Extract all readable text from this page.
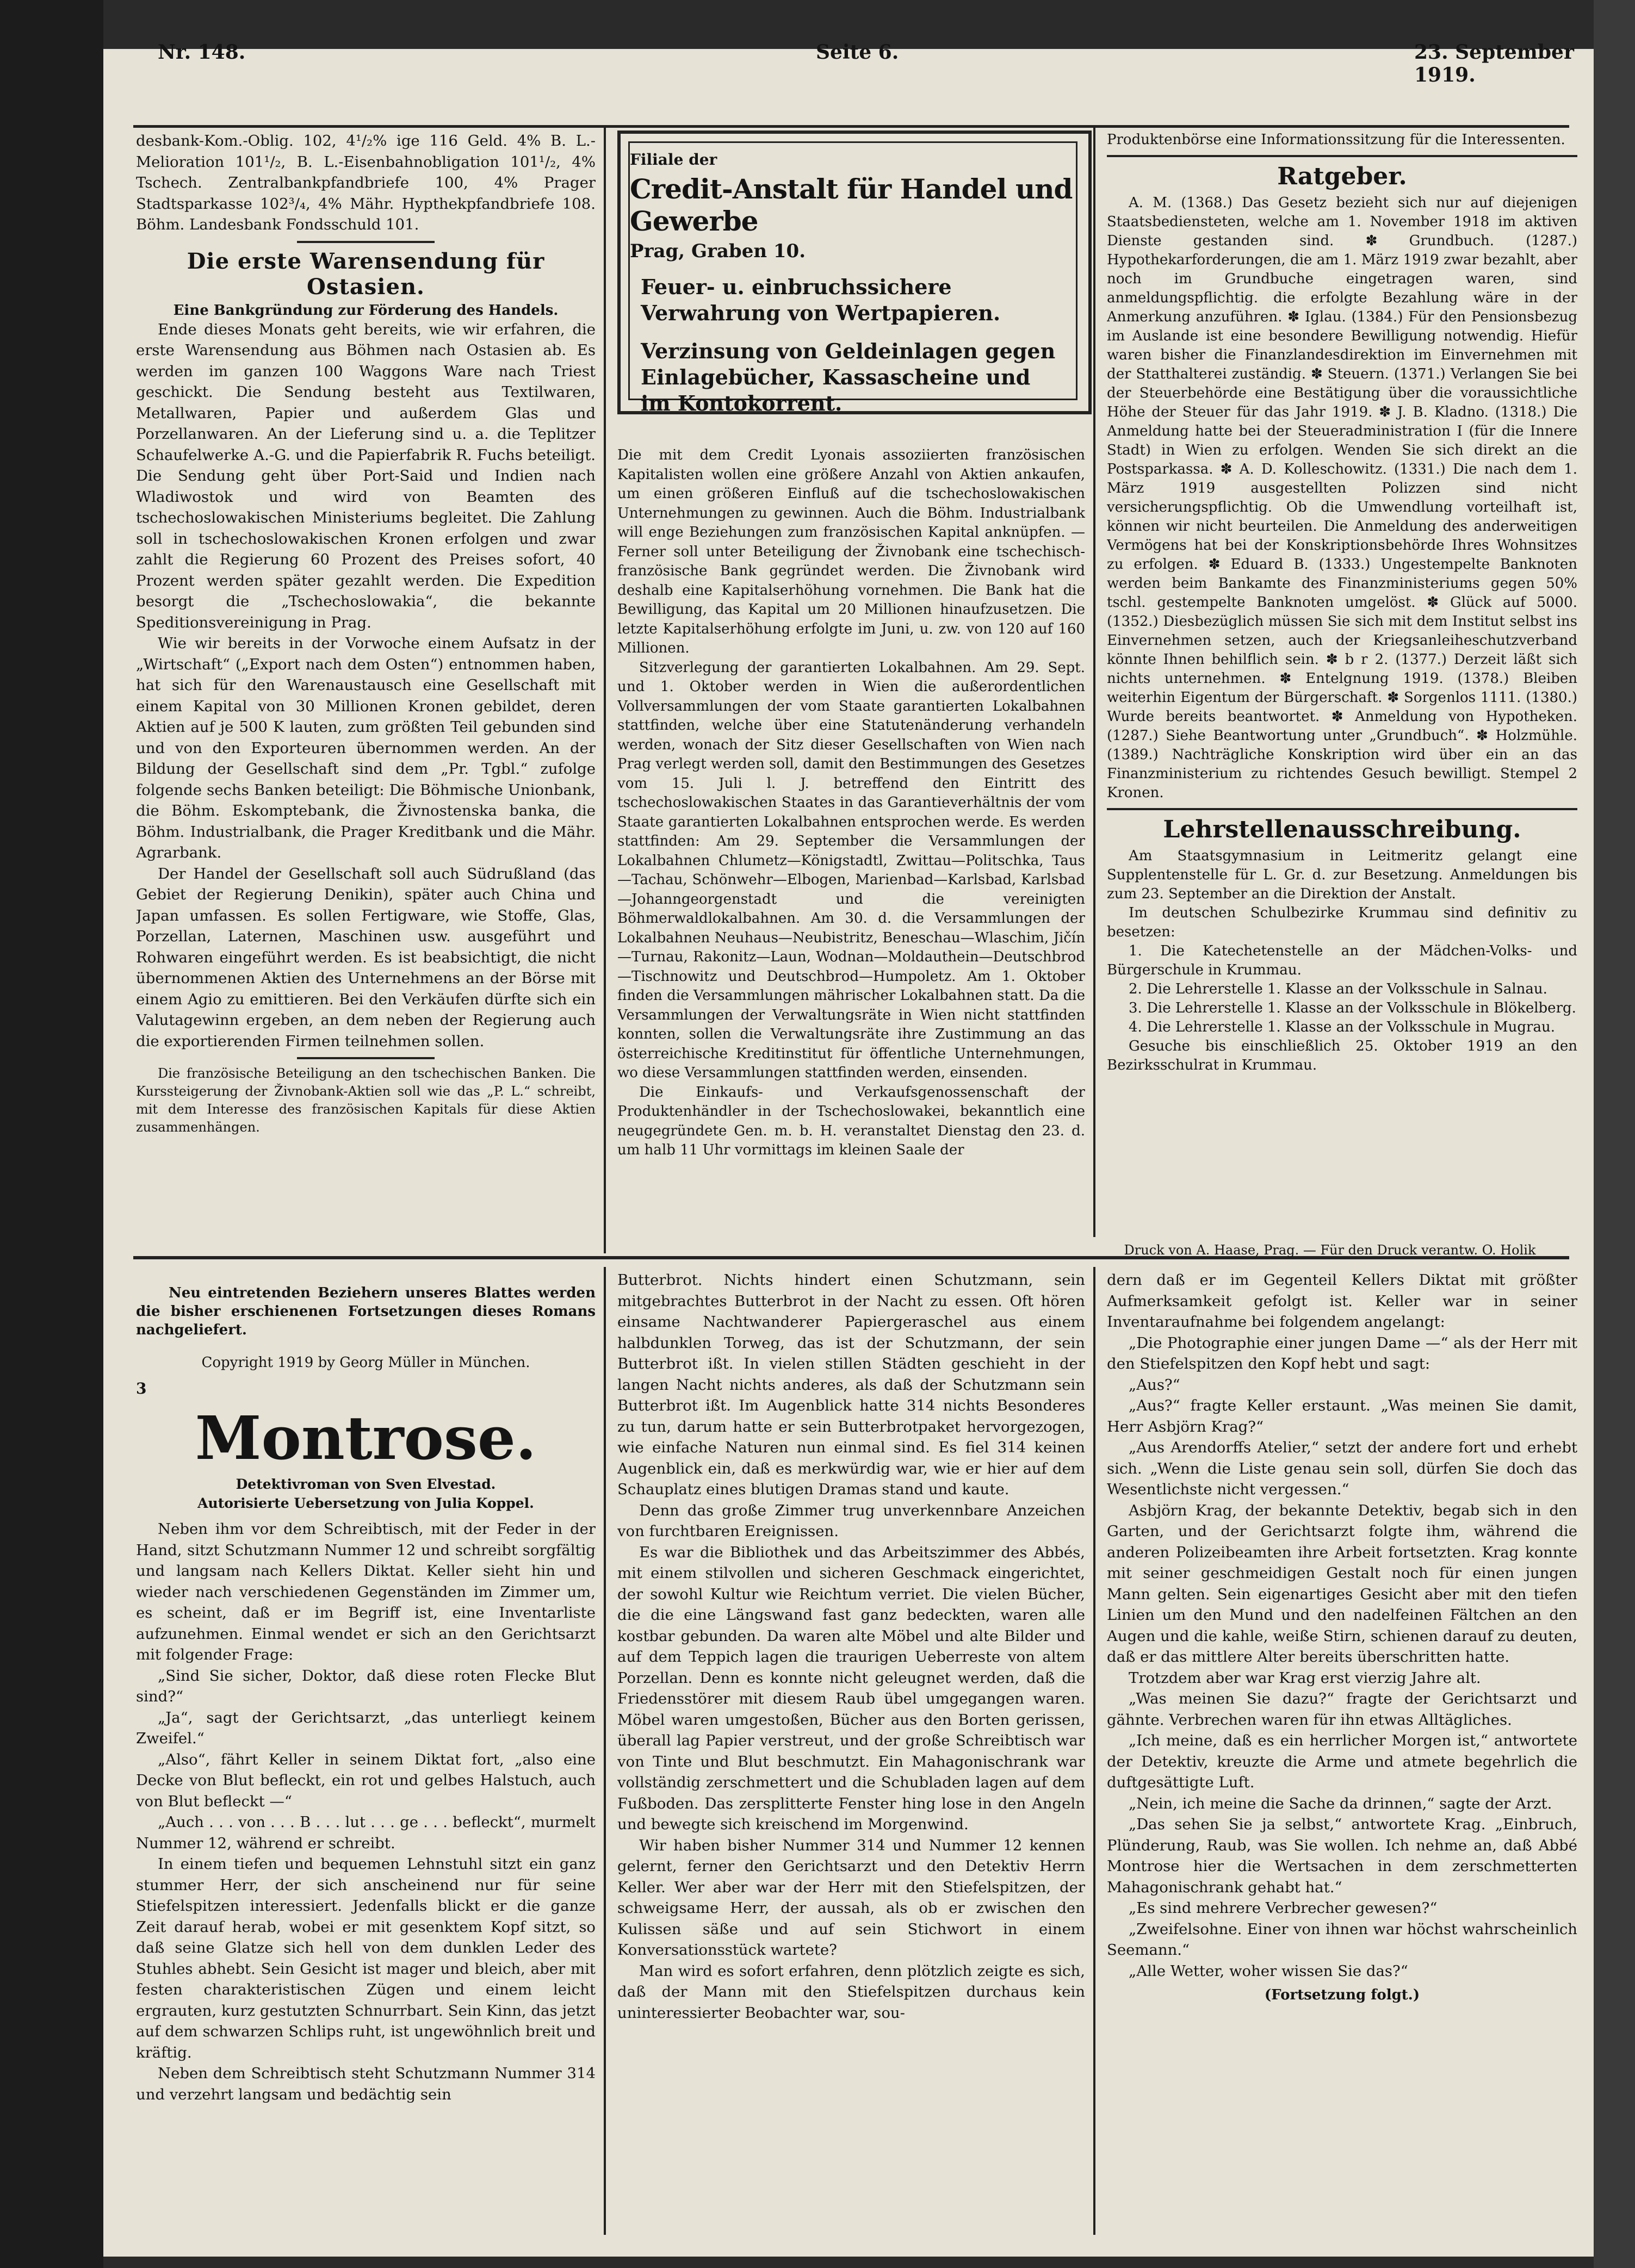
Nr. 148.	Seite 6.	23. September 1919.

desbank-Kom.-Oblig. 102, 4¹/₂% ige 116 Geld. 4% B. L.-Melioration 101¹/₂, B. L.-Eisenbahnobligation 101¹/₂, 4% Tschech. Zentralbankpfandbriefe 100, 4% Prager Stadtsparkasse 102³/₄, 4% Mähr. Hypthekpfandbriefe 108. Böhm. Landesbank Fondsschuld 101.

Die erste Warensendung für Ostasien.
Eine Bankgründung zur Förderung des Handels.

Ende dieses Monats geht bereits, wie wir erfahren, die erste Warensendung aus Böhmen nach Ostasien ab. Es werden im ganzen 100 Waggons Ware nach Triest geschickt. Die Sendung besteht aus Textilwaren, Metallwaren, Papier und außerdem Glas und Porzellanwaren. An der Lieferung sind u. a. die Teplitzer Schaufelwerke A.-G. und die Papierfabrik R. Fuchs beteiligt. Die Sendung geht über Port-Said und Indien nach Wladiwostok und wird von Beamten des tschechoslowakischen Ministeriums begleitet. Die Zahlung soll in tschechoslowakischen Kronen erfolgen und zwar zahlt die Regierung 60 Prozent des Preises sofort, 40 Prozent werden später gezahlt werden. Die Expedition besorgt die „Tschechoslowakia“, die bekannte Speditionsvereinigung in Prag.

Wie wir bereits in der Vorwoche einem Aufsatz in der „Wirtschaft“ („Export nach dem Osten“) entnommen haben, hat sich für den Warenaustausch eine Gesellschaft mit einem Kapital von 30 Millionen Kronen gebildet, deren Aktien auf je 500 K lauten, zum größten Teil gebunden sind und von den Exporteuren übernommen werden. An der Bildung der Gesellschaft sind dem „Pr. Tgbl.“ zufolge folgende sechs Banken beteiligt: Die Böhmische Unionbank, die Böhm. Eskomptebank, die Živnostenska banka, die Böhm. Industrialbank, die Prager Kreditbank und die Mähr. Agrarbank.

Der Handel der Gesellschaft soll auch Südrußland (das Gebiet der Regierung Denikin), später auch China und Japan umfassen. Es sollen Fertigware, wie Stoffe, Glas, Porzellan, Laternen, Maschinen usw. ausgeführt und Rohwaren eingeführt werden. Es ist beabsichtigt, die nicht übernommenen Aktien des Unternehmens an der Börse mit einem Agio zu emittieren. Bei den Verkäufen dürfte sich ein Valutagewinn ergeben, an dem neben der Regierung auch die exportierenden Firmen teilnehmen sollen.

Die französische Beteiligung an den tschechischen Banken. Die Kurssteigerung der Živnobank-Aktien soll wie das „P. L.“ schreibt, mit dem Interesse des französischen Kapitals für diese Aktien zusammenhängen.

Filiale der
Credit-Anstalt für Handel und Gewerbe
Prag, Graben 10.
Feuer- u. einbruchssichere Verwahrung von Wertpapieren.
Verzinsung von Geldeinlagen gegen Einlagebücher, Kassascheine und im Kontokorrent.

Die mit dem Credit Lyonais assoziierten französischen Kapitalisten wollen eine größere Anzahl von Aktien ankaufen, um einen größeren Einfluß auf die tschechoslowakischen Unternehmungen zu gewinnen. Auch die Böhm. Industrialbank will enge Beziehungen zum französischen Kapital anknüpfen. — Ferner soll unter Beteiligung der Živnobank eine tschechisch-französische Bank gegründet werden. Die Živnobank wird deshalb eine Kapitalserhöhung vornehmen. Die Bank hat die Bewilligung, das Kapital um 20 Millionen hinaufzusetzen. Die letzte Kapitalserhöhung erfolgte im Juni, u. zw. von 120 auf 160 Millionen.

Sitzverlegung der garantierten Lokalbahnen. Am 29. Sept. und 1. Oktober werden in Wien die außerordentlichen Vollversammlungen der vom Staate garantierten Lokalbahnen stattfinden, welche über eine Statutenänderung verhandeln werden, wonach der Sitz dieser Gesellschaften von Wien nach Prag verlegt werden soll, damit den Bestimmungen des Gesetzes vom 15. Juli l. J. betreffend den Eintritt des tschechoslowakischen Staates in das Garantieverhältnis der vom Staate garantierten Lokalbahnen entsprochen werde. Es werden stattfinden: Am 29. September die Versammlungen der Lokalbahnen Chlumetz—Königstadtl, Zwittau—Politschka, Taus—Tachau, Schönwehr—Elbogen, Marienbad—Karlsbad, Karlsbad—Johanngeorgenstadt und die vereinigten Böhmerwaldlokalbahnen. Am 30. d. die Versammlungen der Lokalbahnen Neuhaus—Neubistritz, Beneschau—Wlaschim, Jičín—Turnau, Rakonitz—Laun, Wodnan—Moldauthein—Deutschbrod—Tischnowitz und Deutschbrod—Humpoletz. Am 1. Oktober finden die Versammlungen mährischer Lokalbahnen statt. Da die Versammlungen der Verwaltungsräte in Wien nicht stattfinden konnten, sollen die Verwaltungsräte ihre Zustimmung an das österreichische Kreditinstitut für öffentliche Unternehmungen, wo diese Versammlungen stattfinden werden, einsenden.

Die Einkaufs- und Verkaufsgenossenschaft der Produktenhändler in der Tschechoslowakei, bekanntlich eine neugegründete Gen. m. b. H. veranstaltet Dienstag den 23. d. um halb 11 Uhr vormittags im kleinen Saale der

Produktenbörse eine Informationssitzung für die Interessenten.

Ratgeber.

A. M. (1368.) Das Gesetz bezieht sich nur auf diejenigen Staatsbediensteten, welche am 1. November 1918 im aktiven Dienste gestanden sind. ✽ Grundbuch. (1287.) Hypothekarforderungen, die am 1. März 1919 zwar bezahlt, aber noch im Grundbuche eingetragen waren, sind anmeldungspflichtig. die erfolgte Bezahlung wäre in der Anmerkung anzuführen. ✽ Iglau. (1384.) Für den Pensionsbezug im Auslande ist eine besondere Bewilligung notwendig. Hiefür waren bisher die Finanzlandesdirektion im Einvernehmen mit der Statthalterei zuständig. ✽ Steuern. (1371.) Verlangen Sie bei der Steuerbehörde eine Bestätigung über die voraussichtliche Höhe der Steuer für das Jahr 1919. ✽ J. B. Kladno. (1318.) Die Anmeldung hatte bei der Steueradministration I (für die Innere Stadt) in Wien zu erfolgen. Wenden Sie sich direkt an die Postsparkassa. ✽ A. D. Kolleschowitz. (1331.) Die nach dem 1. März 1919 ausgestellten Polizzen sind nicht versicherungspflichtig. Ob die Umwendlung vorteilhaft ist, können wir nicht beurteilen. Die Anmeldung des anderweitigen Vermögens hat bei der Konskriptionsbehörde Ihres Wohnsitzes zu erfolgen. ✽ Eduard B. (1333.) Ungestempelte Banknoten werden beim Bankamte des Finanzministeriums gegen 50% tschl. gestempelte Banknoten umgelöst. ✽ Glück auf 5000. (1352.) Diesbezüglich müssen Sie sich mit dem Institut selbst ins Einvernehmen setzen, auch der Kriegsanleiheschutzverband könnte Ihnen behilflich sein. ✽ b r 2. (1377.) Derzeit läßt sich nichts unternehmen. ✽ Entelgnung 1919. (1378.) Bleiben weiterhin Eigentum der Bürgerschaft. ✽ Sorgenlos 1111. (1380.) Wurde bereits beantwortet. ✽ Anmeldung von Hypotheken. (1287.) Siehe Beantwortung unter „Grundbuch“. ✽ Holzmühle. (1389.) Nachträgliche Konskription wird über ein an das Finanzministerium zu richtendes Gesuch bewilligt. Stempel 2 Kronen.

Lehrstellenausschreibung.

Am Staatsgymnasium in Leitmeritz gelangt eine Supplentenstelle für L. Gr. d. zur Besetzung. Anmeldungen bis zum 23. September an die Direktion der Anstalt.

Im deutschen Schulbezirke Krummau sind definitiv zu besetzen:

1. Die Katechetenstelle an der Mädchen-Volks- und Bürgerschule in Krummau.

2. Die Lehrerstelle 1. Klasse an der Volksschule in Salnau.

3. Die Lehrerstelle 1. Klasse an der Volksschule in Blökelberg.

4. Die Lehrerstelle 1. Klasse an der Volksschule in Mugrau.

Gesuche bis einschließlich 25. Oktober 1919 an den Bezirksschulrat in Krummau.

Druck von A. Haase, Prag. — Für den Druck verantw. O. Holik

Neu eintretenden Beziehern unseres Blattes werden die bisher erschienenen Fortsetzungen dieses Romans nachgeliefert.

Copyright 1919 by Georg Müller in München.
3
Montrose.
Detektivroman von Sven Elvestad.
Autorisierte Uebersetzung von Julia Koppel.

Neben ihm vor dem Schreibtisch, mit der Feder in der Hand, sitzt Schutzmann Nummer 12 und schreibt sorgfältig und langsam nach Kellers Diktat. Keller sieht hin und wieder nach verschiedenen Gegenständen im Zimmer um, es scheint, daß er im Begriff ist, eine Inventarliste aufzunehmen. Einmal wendet er sich an den Gerichtsarzt mit folgender Frage:

„Sind Sie sicher, Doktor, daß diese roten Flecke Blut sind?“

„Ja“, sagt der Gerichtsarzt, „das unterliegt keinem Zweifel.“

„Also“, fährt Keller in seinem Diktat fort, „also eine Decke von Blut befleckt, ein rot und gelbes Halstuch, auch von Blut befleckt —“

„Auch . . . von . . . B . . . lut . . . ge . . . befleckt“, murmelt Nummer 12, während er schreibt.

In einem tiefen und bequemen Lehnstuhl sitzt ein ganz stummer Herr, der sich anscheinend nur für seine Stiefelspitzen interessiert. Jedenfalls blickt er die ganze Zeit darauf herab, wobei er mit gesenktem Kopf sitzt, so daß seine Glatze sich hell von dem dunklen Leder des Stuhles abhebt. Sein Gesicht ist mager und bleich, aber mit festen charakteristischen Zügen und einem leicht ergrauten, kurz gestutzten Schnurrbart. Sein Kinn, das jetzt auf dem schwarzen Schlips ruht, ist ungewöhnlich breit und kräftig.

Neben dem Schreibtisch steht Schutzmann Nummer 314 und verzehrt langsam und bedächtig sein

Butterbrot. Nichts hindert einen Schutzmann, sein mitgebrachtes Butterbrot in der Nacht zu essen. Oft hören einsame Nachtwanderer Papiergeraschel aus einem halbdunklen Torweg, das ist der Schutzmann, der sein Butterbrot ißt. In vielen stillen Städten geschieht in der langen Nacht nichts anderes, als daß der Schutzmann sein Butterbrot ißt. Im Augenblick hatte 314 nichts Besonderes zu tun, darum hatte er sein Butterbrotpaket hervorgezogen, wie einfache Naturen nun einmal sind. Es fiel 314 keinen Augenblick ein, daß es merkwürdig war, wie er hier auf dem Schauplatz eines blutigen Dramas stand und kaute.

Denn das große Zimmer trug unverkennbare Anzeichen von furchtbaren Ereignissen.

Es war die Bibliothek und das Arbeitszimmer des Abbés, mit einem stilvollen und sicheren Geschmack eingerichtet, der sowohl Kultur wie Reichtum verriet. Die vielen Bücher, die die eine Längswand fast ganz bedeckten, waren alle kostbar gebunden. Da waren alte Möbel und alte Bilder und auf dem Teppich lagen die traurigen Ueberreste von altem Porzellan. Denn es konnte nicht geleugnet werden, daß die Friedensstörer mit diesem Raub übel umgegangen waren. Möbel waren umgestoßen, Bücher aus den Borten gerissen, überall lag Papier verstreut, und der große Schreibtisch war von Tinte und Blut beschmutzt. Ein Mahagonischrank war vollständig zerschmettert und die Schubladen lagen auf dem Fußboden. Das zersplitterte Fenster hing lose in den Angeln und bewegte sich kreischend im Morgenwind.

Wir haben bisher Nummer 314 und Nummer 12 kennen gelernt, ferner den Gerichtsarzt und den Detektiv Herrn Keller. Wer aber war der Herr mit den Stiefelspitzen, der schweigsame Herr, der aussah, als ob er zwischen den Kulissen säße und auf sein Stichwort in einem Konversationsstück wartete?

Man wird es sofort erfahren, denn plötzlich zeigte es sich, daß der Mann mit den Stiefelspitzen durchaus kein uninteressierter Beobachter war, sou-

dern daß er im Gegenteil Kellers Diktat mit größter Aufmerksamkeit gefolgt ist. Keller war in seiner Inventaraufnahme bei folgendem angelangt:

„Die Photographie einer jungen Dame —“ als der Herr mit den Stiefelspitzen den Kopf hebt und sagt:

„Aus?“

„Aus?“ fragte Keller erstaunt. „Was meinen Sie damit, Herr Asbjörn Krag?“

„Aus Arendorffs Atelier,“ setzt der andere fort und erhebt sich. „Wenn die Liste genau sein soll, dürfen Sie doch das Wesentlichste nicht vergessen.“

Asbjörn Krag, der bekannte Detektiv, begab sich in den Garten, und der Gerichtsarzt folgte ihm, während die anderen Polizeibeamten ihre Arbeit fortsetzten. Krag konnte mit seiner geschmeidigen Gestalt noch für einen jungen Mann gelten. Sein eigenartiges Gesicht aber mit den tiefen Linien um den Mund und den nadelfeinen Fältchen an den Augen und die kahle, weiße Stirn, schienen darauf zu deuten, daß er das mittlere Alter bereits überschritten hatte.

Trotzdem aber war Krag erst vierzig Jahre alt.

„Was meinen Sie dazu?“ fragte der Gerichtsarzt und gähnte. Verbrechen waren für ihn etwas Alltägliches.

„Ich meine, daß es ein herrlicher Morgen ist,“ antwortete der Detektiv, kreuzte die Arme und atmete begehrlich die duftgesättigte Luft.

„Nein, ich meine die Sache da drinnen,“ sagte der Arzt.

„Das sehen Sie ja selbst,“ antwortete Krag. „Einbruch, Plünderung, Raub, was Sie wollen. Ich nehme an, daß Abbé Montrose hier die Wertsachen in dem zerschmetterten Mahagonischrank gehabt hat.“

„Es sind mehrere Verbrecher gewesen?“

„Zweifelsohne. Einer von ihnen war höchst wahrscheinlich Seemann.“

„Alle Wetter, woher wissen Sie das?“

(Fortsetzung folgt.)
